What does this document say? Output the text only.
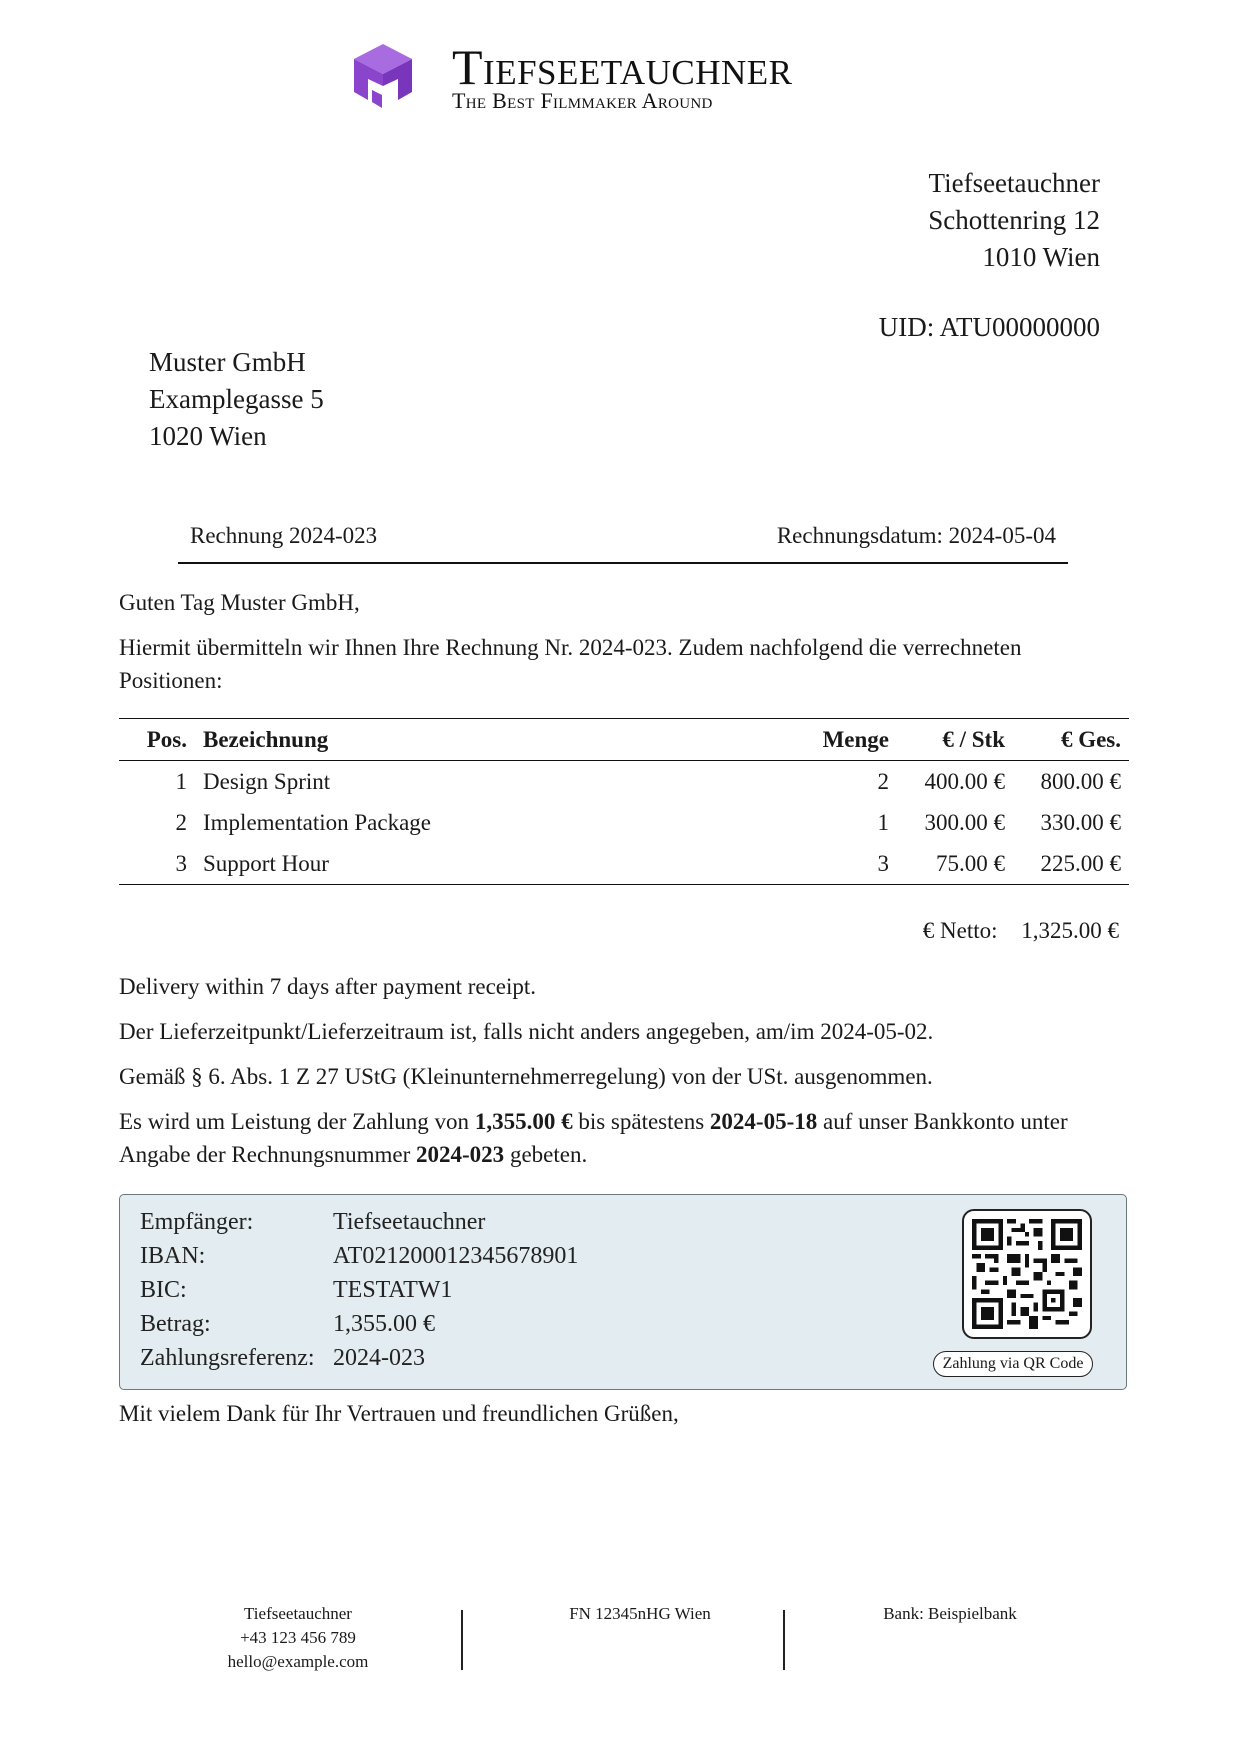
Tiefseetauchner
The Best Filmmaker Around
Tiefseetauchner
Schottenring 12
1010 Wien
UID: ATU00000000
Muster GmbH
Examplegasse 5
1020 Wien
Rechnung 2024-023	Rechnungsdatum: 2024-05-04
Guten Tag Muster GmbH,
Hiermit übermitteln wir Ihnen Ihre Rechnung Nr. 2024-023. Zudem nachfolgend die verrechneten Positionen:
Pos.	Bezeichnung	Menge	€ / Stk	€ Ges.
1	Design Sprint	2	400.00 €	800.00 €
2	Implementation Package	1	300.00 €	330.00 €
3	Support Hour	3	75.00 €	225.00 €
€ Netto: 1,325.00 €
Delivery within 7 days after payment receipt.
Der Lieferzeitpunkt/Lieferzeitraum ist, falls nicht anders angegeben, am/im 2024-05-02.
Gemäß § 6. Abs. 1 Z 27 UStG (Kleinunternehmerregelung) von der USt. ausgenommen.
Es wird um Leistung der Zahlung von 1,355.00 € bis spätestens 2024-05-18 auf unser Bankkonto unter Angabe der Rechnungsnummer 2024-023 gebeten.
Empfänger:	Tiefseetauchner
IBAN:	AT021200012345678901
BIC:	TESTATW1
Betrag:	1,355.00 €
Zahlungsreferenz: 2024-023	Zahlung via QR Code
Mit vielem Dank für Ihr Vertrauen und freundlichen Grüßen,
Tiefseetauchner
+43 123 456 789
hello@example.com
FN 12345nHG Wien	Bank: Beispielbank
